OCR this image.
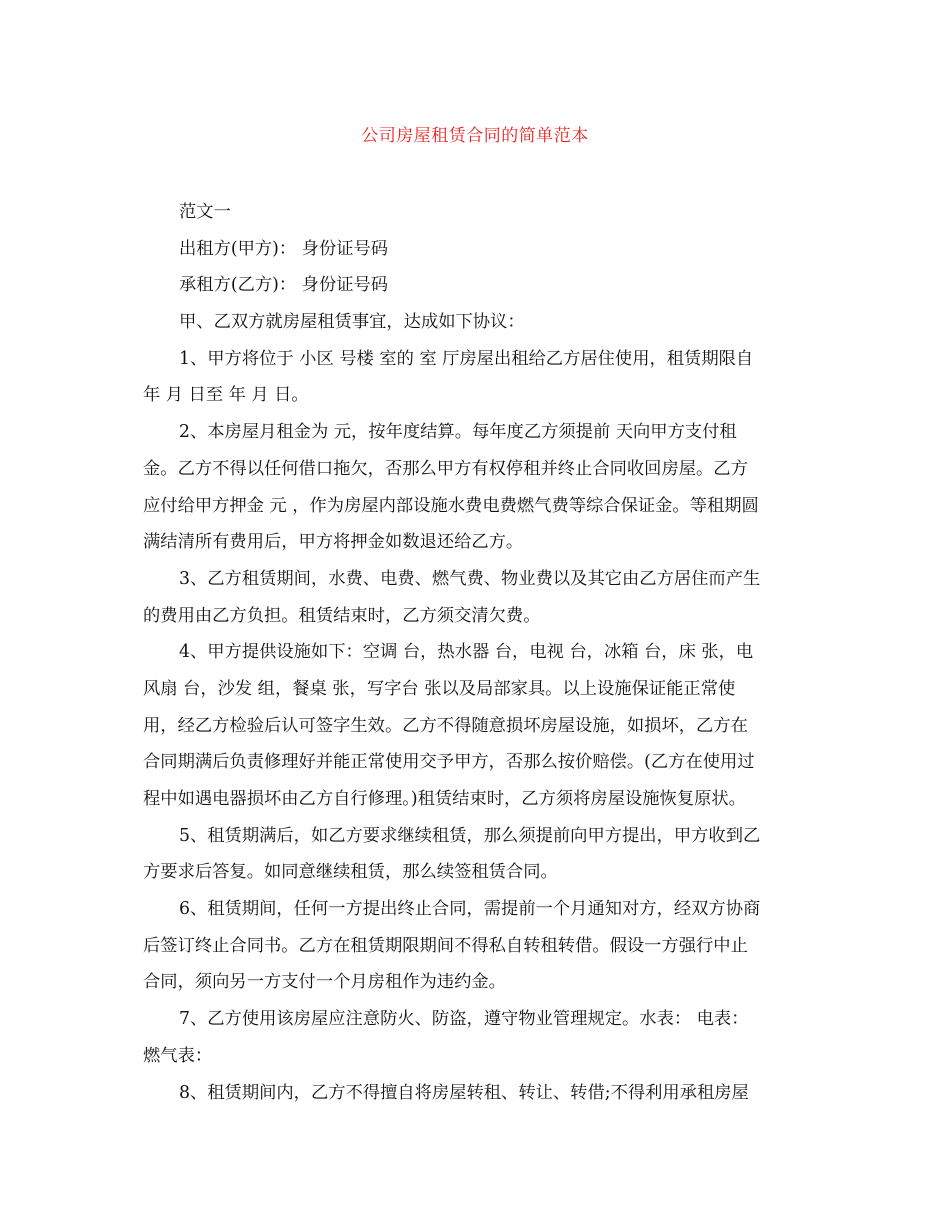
公司房屋租赁合同的简单范本
范文一
出租方(甲方)： 身份证号码
承租方(乙方)： 身份证号码
甲、乙双方就房屋租赁事宜，达成如下协议：
1、甲方将位于 小区 号楼 室的 室 厅房屋出租给乙方居住使用，租赁期限自
年 月 日至 年 月 日。
2、本房屋月租金为 元，按年度结算。每年度乙方须提前 天向甲方支付租
金。乙方不得以任何借口拖欠，否那么甲方有权停租并终止合同收回房屋。乙方
应付给甲方押金 元 ，作为房屋内部设施水费电费燃气费等综合保证金。等租期圆
满结清所有费用后，甲方将押金如数退还给乙方。
3、乙方租赁期间，水费、电费、燃气费、物业费以及其它由乙方居住而产生
的费用由乙方负担。租赁结束时，乙方须交清欠费。
4、甲方提供设施如下：空调 台，热水器 台，电视 台，冰箱 台，床 张，电
风扇 台，沙发 组，餐桌 张，写字台 张以及局部家具。以上设施保证能正常使
用，经乙方检验后认可签字生效。乙方不得随意损坏房屋设施，如损坏，乙方在
合同期满后负责修理好并能正常使用交予甲方，否那么按价赔偿。(乙方在使用过
程中如遇电器损坏由乙方自行修理。)租赁结束时，乙方须将房屋设施恢复原状。
5、租赁期满后，如乙方要求继续租赁，那么须提前向甲方提出，甲方收到乙
方要求后答复。如同意继续租赁，那么续签租赁合同。
6、租赁期间，任何一方提出终止合同，需提前一个月通知对方，经双方协商
后签订终止合同书。乙方在租赁期限期间不得私自转租转借。假设一方强行中止
合同，须向另一方支付一个月房租作为违约金。
7、乙方使用该房屋应注意防火、防盗，遵守物业管理规定。水表： 电表：
燃气表：
8、租赁期间内，乙方不得擅自将房屋转租、转让、转借;不得利用承租房屋
